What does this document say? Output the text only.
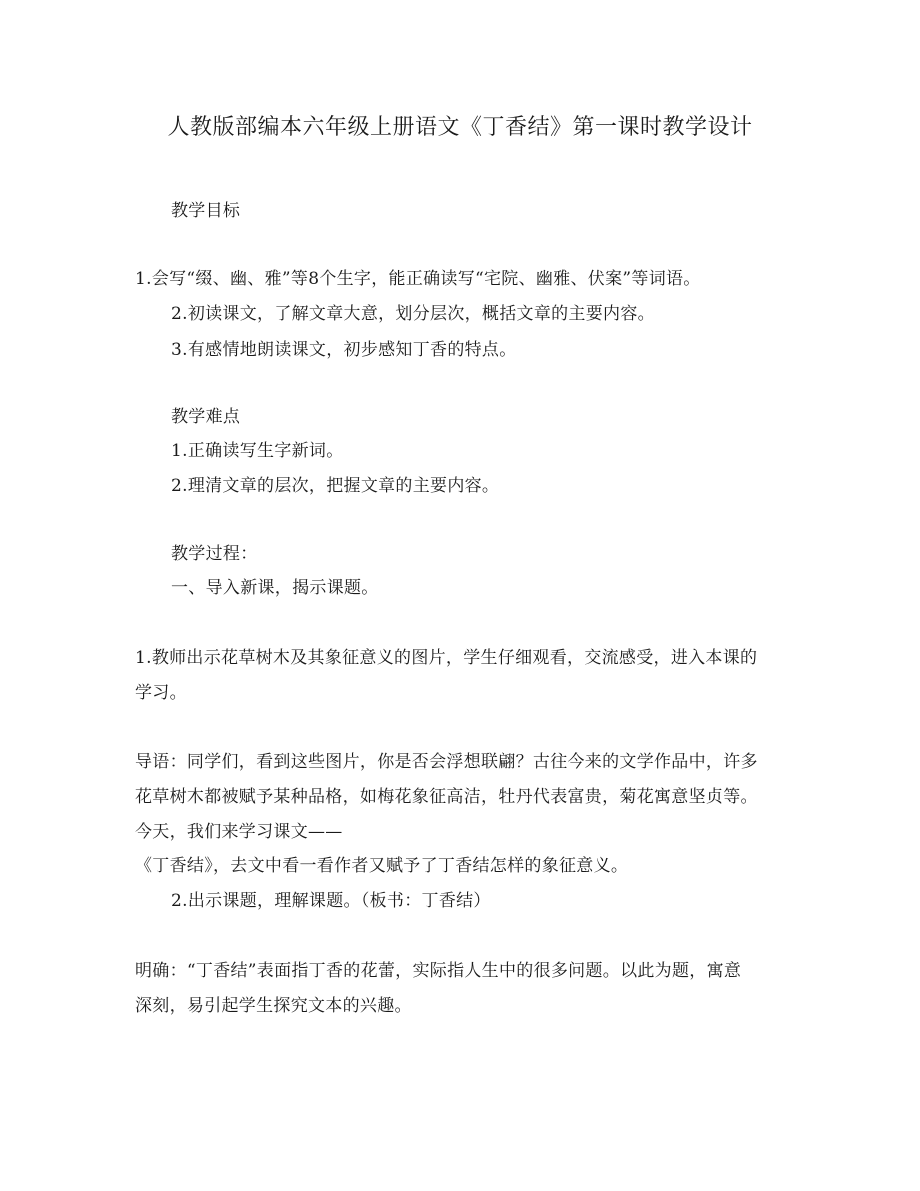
人教版部编本六年级上册语文《丁香结》第一课时教学设计
教学目标
1.会写“缀、幽、雅”等8个生字，能正确读写“宅院、幽雅、伏案”等词语。
2.初读课文，了解文章大意，划分层次，概括文章的主要内容。
3.有感情地朗读课文，初步感知丁香的特点。
教学难点
1.正确读写生字新词。
2.理清文章的层次，把握文章的主要内容。
教学过程：
一、导入新课，揭示课题。
1.教师出示花草树木及其象征意义的图片，学生仔细观看，交流感受，进入本课的
学习。
导语：同学们，看到这些图片，你是否会浮想联翩？古往今来的文学作品中，许多
花草树木都被赋予某种品格，如梅花象征高洁，牡丹代表富贵，菊花寓意坚贞等。
今天，我们来学习课文——
《丁香结》，去文中看一看作者又赋予了丁香结怎样的象征意义。
2.出示课题，理解课题。（板书：丁香结）
明确：“丁香结”表面指丁香的花蕾，实际指人生中的很多问题。以此为题，寓意
深刻，易引起学生探究文本的兴趣。
